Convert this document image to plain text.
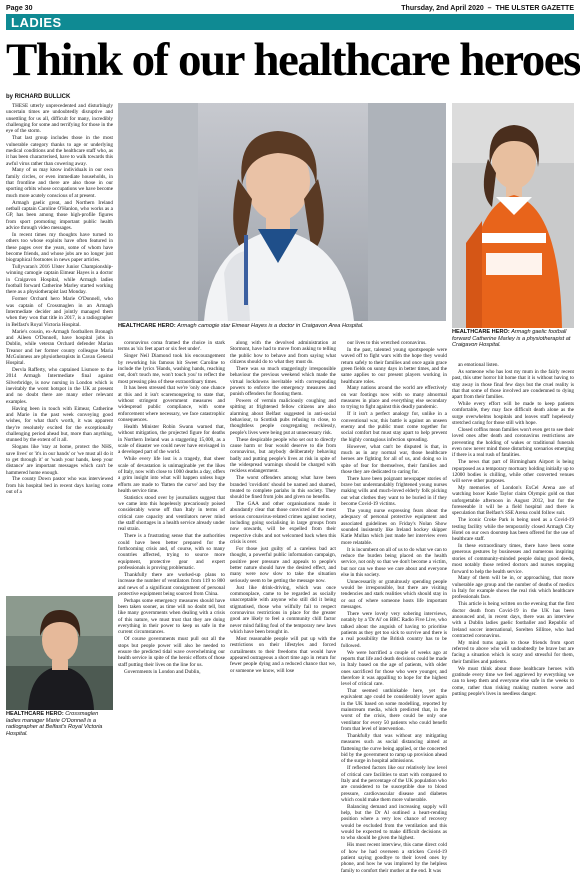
Page 30	Thursday, 2nd April 2020  –  THE ULSTER GAZETTE
LADIES
Think of our healthcare heroes
by RICHARD BULLICK

THESE utterly unprecedented and disturbingly uncertain times are undoubtedly disruptive and unsettling for us all, difficult for many, incredibly challenging for some and terrifying for those in the eye of the storm.

That last group includes those in the most vulnerable category thanks to age or underlying medical conditions and the healthcare staff who, as it has been characterised, have to walk towards this awful virus rather than cowering away.

Many of us may know individuals in our own family circles, or even immediate households, in that frontline and there are also those in our sporting orbits whose occupations we have become much more acutely conscious of at present.

Armagh gaelic great, and Northern Ireland netball captain Caroline O'Hanlon, who works as a GP, has been among those high-profile figures from sport promoting important public health advice through video messages.

In recent times my thoughts have turned to others too whose exploits have often featured in these pages over the years, some of whom have become friends, and whose jobs are no longer just biographical footnotes in news paper articles.

Tullyvaran's 2016 Ulster Junior Championship-winning camogie captain Eimear Hayes is a doctor in Craigavon Hospital, while Armagh ladies football forward Catherine Marley started working there as a physiotherapist last Monday.

Former Orchard hero Marie O'Donnell, who was captain of Crossmaglen in an Armagh Intermediate decider and jointly managed them when they won that title in 2017, is a radiographer in Belfast's Royal Victoria Hospital.

Marie's cousin, ex-Armagh footballers Bronagh and Aileen O'Donnell, have hospital jobs in Dublin, while veteran Orchard defender Marian Treanor and her former county colleague Maria McGuinness are physiotherapists in Cavan General Hospital.

Dervla Rafferty, who captained Lismore to the 2014 Armagh Intermediate final against Silverbridge, is now nursing in London which is inevitably the worst hotspot in the UK at present and no doubt there are many other relevant examples.

Having been in touch with Eimear, Catherine and Marie in the past week conveying good wishes, for what that's worth, it was apparent they're resolutely excited for the exceptionally challenging period ahead but, more than anything, stunned by the extent of it all.

Slogans like 'stay at home, protect the NHS, save lives' or 'it's in our hands' or 'we must all do it to get through it' or 'wash your hands, keep your distance' are important messages which can't be hammered home enough.

The county Down pastor who was interviewed from his hospital bed in recent days having come out of a

HEALTHCARE HERO: Crossmaglen ladies manager Marie O'Donnell is a radiographer at Belfast's Royal Victoria Hospital.
HEALTHCARE HERO: Armagh camogie star Eimear Hayes is a doctor in Craigavon Area Hospital.

coronavirus coma framed the choice in stark terms as 'six feet apart or six feet under'.

Singer Neil Diamond took his encouragement by reworking his famous hit Sweet Caroline to include the lyrics 'Hands, washing hands, reaching out, don't touch me, won't touch you' to reflect the most pressing plea of these extraordinary times.

It has been stressed that we're 'only one chance at this and it isn't scaremongering to state that, without stringent government measures and widespread public compliance, with some enforcement where necessary, we face catastrophic consequences.

Health Minister Robin Swann warned that, without mitigation, the projected figure for deaths in Northern Ireland was a staggering 15,000, as a scale of disaster we could never have envisaged in a developed part of the world.

While every life lost is a tragedy, that sheer scale of devastation is unimaginable yet the likes of Italy, now with close to 1000 deaths a day, offers a grim insight into what will happen unless huge efforts are made to 'flatten the curve' and buy the health service time.

Statistics stood over by journalists suggest that we came into this hopelessly precariously poised considerably worse off than Italy in terms of critical care capacity and ventilators never mind the staff shortages in a health service already under real strain.

There is a frustrating sense that the authorities could have been better prepared for the forthcoming crisis and, of course, with so many countries affected, trying to source more equipment, protective gear and expert professionals is proving problematic.

Thankfully there are worked-up plans to increase the number of ventilators from 119 to 800 and news of a significant consignment of personal protective equipment being sourced from China.

Perhaps some emergency measures should have been taken sooner, as time will no doubt tell, but like many governments when dealing with a crisis of this nature, we must trust that they are doing everything in their power to keep us safe in the current circumstances.

Of course governments must pull out all the stops but people power will also be needed to ensure the predicted tidal wave overwhelming our health service in spite of the heroic efforts of those staff putting their lives on the line for us.

Governments in London and Dublin,

along with the devolved administration at Stormont, have had to move from asking to telling the public how to behave and from saying what citizens should do to what they must do.

There was so much staggeringly irresponsible behaviour the previous weekend which made the virtual lockdowns inevitable with corresponding powers to enforce the emergency measures and punish offenders for flouting them.

Powers of vermin maliciously coughing and spitting at frightened fellow citizens are also alarming about Belfast suggested in anti-social behaviour, to Scottish pubs refusing to close, to thoughtless people congregating recklessly, people's lives were being put at unnecessary risk.

These despicable people who set out to directly cause harm or fear would deserve to die from coronavirus, but anybody deliberately behaving badly and putting people's lives at risk in spite of the widespread warnings should be charged with reckless endangerment.

The worst offenders among what have been branded 'covidiots' should be named and shamed, treated to complete pariahs in this society. They should be fined from jobs and given no benefits.

The GAA and other organisations made it abundantly clear that those convicted of the most serious coronavirus-related crimes against society, including going socialising in large groups from now onwards, will be expelled from their respective clubs and not welcomed back when this crisis is over.

For those just guilty of a careless bad act thought, a powerful public information campaign, positive peer pressure and appeals to people's better nature should have the desired effect, and many were now slow to take the situation seriously seem to be getting the message now.

Just like drink-driving, which was once commonplace, came to be regarded as socially unacceptable with anyone who still did it being stigmatised, those who wilfully fail to respect coronavirus restrictions in place for the greater good are likely to feel a community chill factor never mind falling foul of the temporary new laws which have been brought in.

Most reasonable people will put up with the restrictions on their lifestyles and forced curtailments to their freedoms that would have appeared outrageous a short time ago in return for fewer people dying and a reduced chance that we, or someone we know, will lose

our lives to this wretched coronavirus.

In the past, talented young sportspeople were waved off to fight wars with the hope they would return safely to their families and once again grace green fields on sunny days in better times, and the same applies to our present players working in healthcare roles.

Many nations around the world are effectively on war footings now with so many abnormal measures in place and everything else secondary to trying to fight against this deadly pandemic.

If it isn't a perfect analogy for, unlike in a conventional war, this battle is against an unseen enemy and the public must come together for social comfort but must stay apart to help prevent the highly contagious infection spreading.

However, what can't be disputed is that, in much as in any normal war, those healthcare heroes are fighting for all of us, and doing so in spite of fear for themselves, their families and those they are dedicated to caring for.

There have been poignant newspaper stories of brave but understandably frightened young nurses making wills and much-loved elderly folk picking out what clothes they want to be buried in if they become Covid-19 victims.

The young nurse expressing fears about the adequacy of personal protective equipment and associated guidelines on Friday's Nolan Show sounded insistently like Ireland hockey skipper Katie Mullan which just made her interview even more relatable.

It is incumbent on all of us to do what we can to reduce the burden being placed on the health service, not only so that we don't become a victim, but nor can we those we care about and everyone else in this society.

Unnecessarily or gratuitously spending people would be irresponsible, but there are visiting tendencies and stark realities which should stay in or out of where someone hosts life important messages.

There were lovely very sobering interviews, notably by a 'Dr Al' on BBC Radio Five Live, who talked about the anguish of having to prioritise patients as they get too sick to survive and there is a real possibility the British country has to be followed.

We were horrified a couple of weeks ago at reports that life and death decisions could be made in Italy based on the age of patients, with older ones sacrificed for those who were younger, and therefore it was appalling to hope for the highest level of critical care.

That seemed unthinkable here, yet the equivalent age could be considerably lower again in the UK based on some modelling, reported by mainstream media, which predicted that, in the worst of the crisis, there could be only one ventilator for every 50 patients who could benefit from that level of intervention.

Thankfully that was without any mitigating measures such as social distancing aimed at flattening the curve being applied, or the concerted bid by the government to ramp up provision ahead of the surge in hospital admissions.

If reflected factors like our relatively low level of critical care facilities to start with compared to Italy and the percentage of the UK population who are considered to be susceptible due to blood pressure, cardiovascular disease and diabetes which could make them more vulnerable.

Balancing demand and increasing supply will help, but the Dr Al outlined a heart-rending position where a very low chance of recovery would be excluded from the ventilation and this would be expected to make difficult decisions as to who should be given the highest.

His most recent interview, this came direct cold of how he had overseen a stricken Covid-19 patient saying goodbye to their loved ones by phone, and how he was implored by the helpless family to comfort their mother at the end. It was

HEALTHCARE HERO: Armagh gaelic football forward Catherine Marley is a physiotherapist at Craigavon Hospital.

an emotional listen.

As someone who has lost my mum in the fairly recent past, this utter horror hit home that it is without having to stay away in those final few days but the cruel reality is that that some of those involved are condemned to dying apart from their families.

While every effort will be made to keep patients comfortable, they may face difficult death alone as the surge overwhelms hospitals and leaves staff hopelessly stretched caring for those still with hope.

Closed coffins mean families won't even get to see their loved ones after death and coronavirus restrictions are preventing the holding of wakes or traditional funerals even now never mind those disturbing scenarios emerging if there is a real rush of fatalities.

The news that part of Birmingham Airport is being repurposed as a temporary mortuary holding initially up to 12000 bodies is chilling, while other converted venues will serve other purposes.

My memories of London's ExCel Arena are of watching boxer Katie Taylor claim Olympic gold on that unforgettable afternoon in August 2012, but for the foreseeable it will be a field hospital and there is speculation that Belfast's SSE Arena could follow suit.

The iconic Croke Park is being used as a Covid-19 testing facility while the temporarily closed Armagh City Hotel on our own doorstep has been offered for the use of healthcare staff.

In these extraordinary times, there have been some generous gestures by businesses and numerous inspiring stories of community-minded people doing good deeds, most notably those retired doctors and nurses stepping forward to help the health service.

Many of them will be in, or approaching, that more vulnerable age group and the number of deaths of medics in Italy for example shows the real risk which healthcare professionals face.

This article is being written on the evening that the first doctor death from Covid-19 in the UK has been announced and, in recent days, there was an interview with a Dublin ladies gaelic footballer and Republic of Ireland soccer international, Sorelten Sillitoe, who had contracted coronavirus.

My mind turns again to those friends from sport referred to above who will undoubtedly be brave but are facing a situation which is scary and stressful for them, their families and patients.

We must think about those healthcare heroes with gratitude every time we feel aggrieved by everything we can to keep them and everyone else safe in the weeks to come, rather than risking making matters worse and putting people's lives in needless danger.
